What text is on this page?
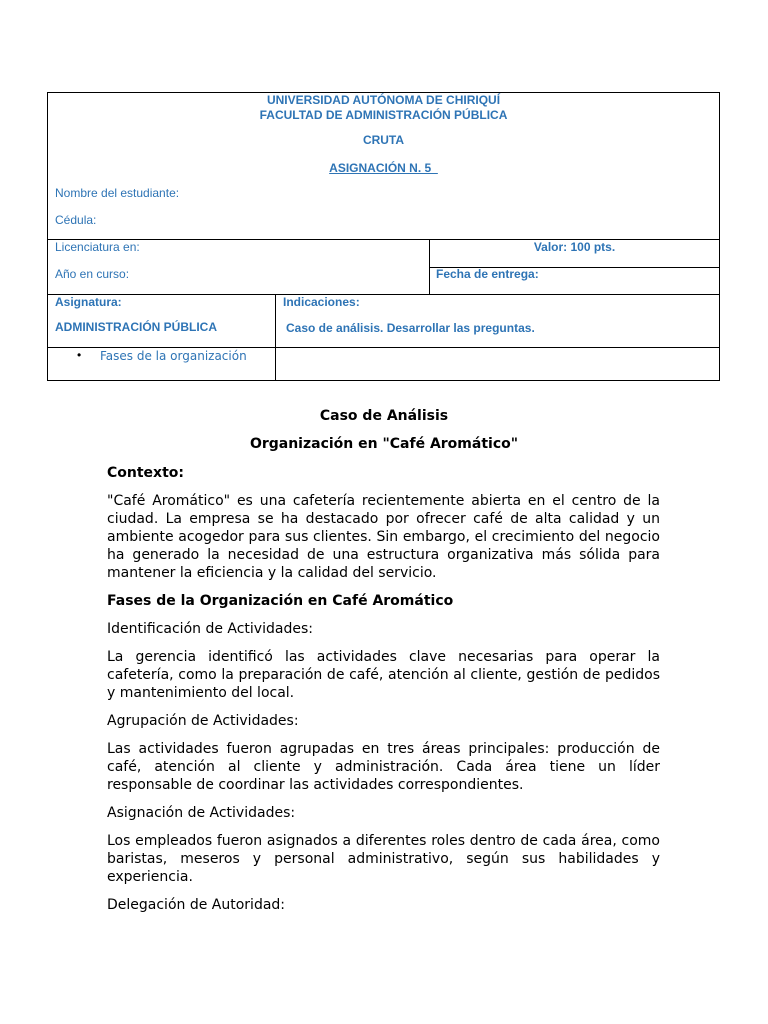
UNIVERSIDAD AUTÓNOMA DE CHIRIQUÍ
FACULTAD DE ADMINISTRACIÓN PÚBLICA
CRUTA
ASIGNACIÓN N. 5
Nombre del estudiante:
Cédula:
Licenciatura en:	Valor: 100 pts.
Año en curso:	Fecha de entrega:
Asignatura:	Indicaciones:
ADMINISTRACIÓN PÚBLICA	Caso de análisis. Desarrollar las preguntas.
• Fases de la organización
Caso de Análisis
Organización en "Café Aromático"
Contexto:
"Café Aromático" es una cafetería recientemente abierta en el centro de la ciudad. La empresa se ha destacado por ofrecer café de alta calidad y un ambiente acogedor para sus clientes. Sin embargo, el crecimiento del negocio ha generado la necesidad de una estructura organizativa más sólida para mantener la eficiencia y la calidad del servicio.
Fases de la Organización en Café Aromático
Identificación de Actividades:
La gerencia identificó las actividades clave necesarias para operar la cafetería, como la preparación de café, atención al cliente, gestión de pedidos y mantenimiento del local.
Agrupación de Actividades:
Las actividades fueron agrupadas en tres áreas principales: producción de café, atención al cliente y administración. Cada área tiene un líder responsable de coordinar las actividades correspondientes.
Asignación de Actividades:
Los empleados fueron asignados a diferentes roles dentro de cada área, como baristas, meseros y personal administrativo, según sus habilidades y experiencia.
Delegación de Autoridad:
